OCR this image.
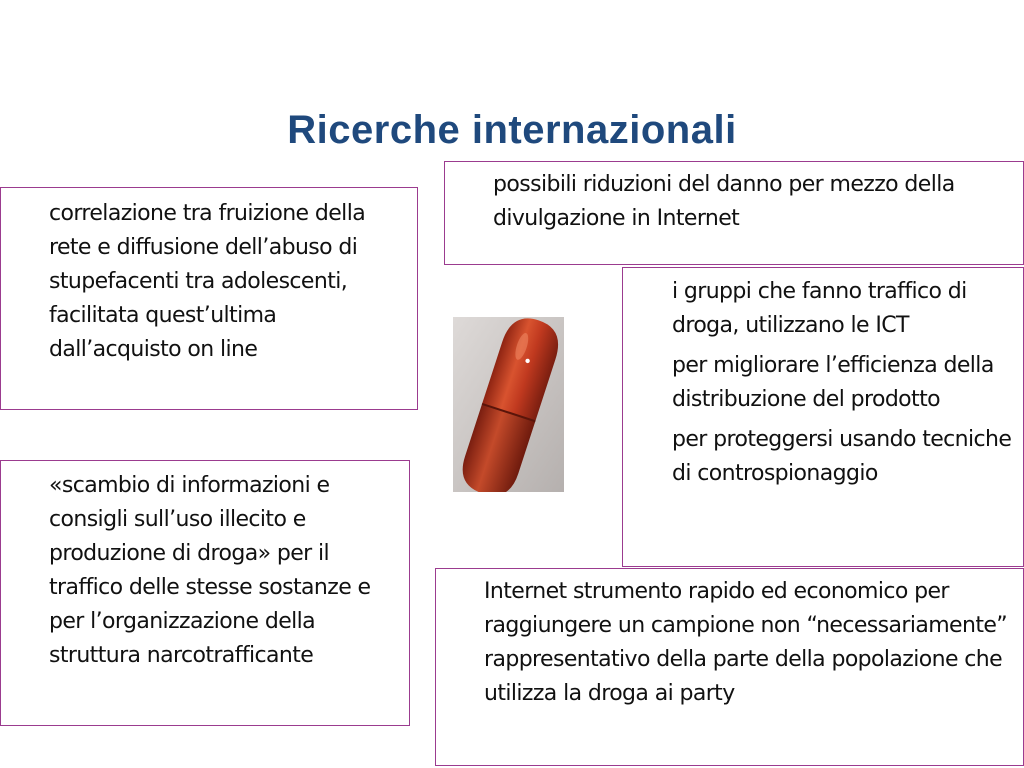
Ricerche internazionali

possibili riduzioni del danno per mezzo della divulgazione in Internet

correlazione tra fruizione della rete e diffusione dell’abuso di stupefacenti tra adolescenti, facilitata quest’ultima dall’acquisto on line

i gruppi che fanno traffico di droga, utilizzano le ICT

per migliorare l’efficienza della distribuzione del prodotto

per proteggersi usando tecniche di controspionaggio

«scambio di informazioni e consigli sull’uso illecito e produzione di droga» per il traffico delle stesse sostanze e per l’organizzazione della struttura narcotrafficante

Internet strumento rapido ed economico per raggiungere un campione non “necessariamente” rappresentativo della parte della popolazione che utilizza la droga ai party
